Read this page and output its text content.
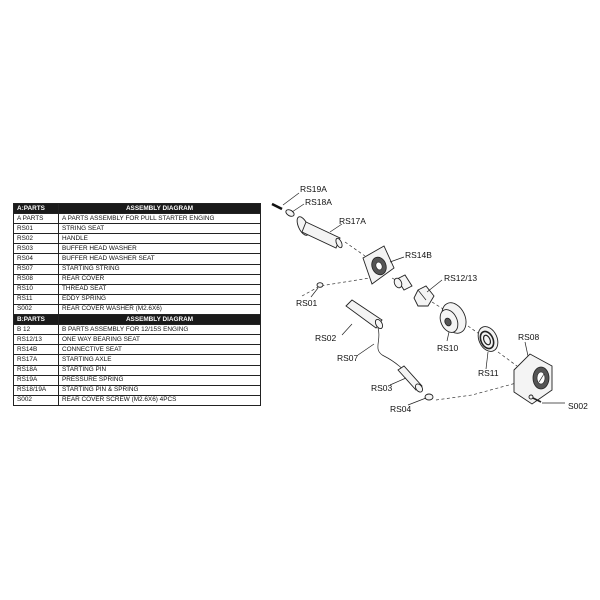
A:PARTS	ASSEMBLY DIAGRAM
A PARTS	A PARTS ASSEMBLY FOR PULL STARTER ENGING
RS01	STRING SEAT
RS02	HANDLE
RS03	BUFFER HEAD WASHER
RS04	BUFFER HEAD WASHER SEAT
RS07	STARTING STRING
RS08	REAR COVER
RS10	THREAD SEAT
RS11	EDDY SPRING
S002	REAR COVER WASHER (M2.6X6)
B:PARTS	ASSEMBLY DIAGRAM
B 12	B PARTS ASSEMBLY FOR 12/15S ENGING
RS12/13	ONE WAY BEARING SEAT
RS14B	CONNECTIVE SEAT
RS17A	STARTING AXLE
RS18A	STARTING PIN
RS19A	PRESSURE SPRING
RS18/19A	STARTING PIN & SPRING
S002	REAR COVER SCREW (M2.6X6) 4PCS
RS19A
RS18A
RS17A
RS14B
RS12/13
RS01
RS02
RS07
RS10
RS08
RS11
RS03
RS04	S002
